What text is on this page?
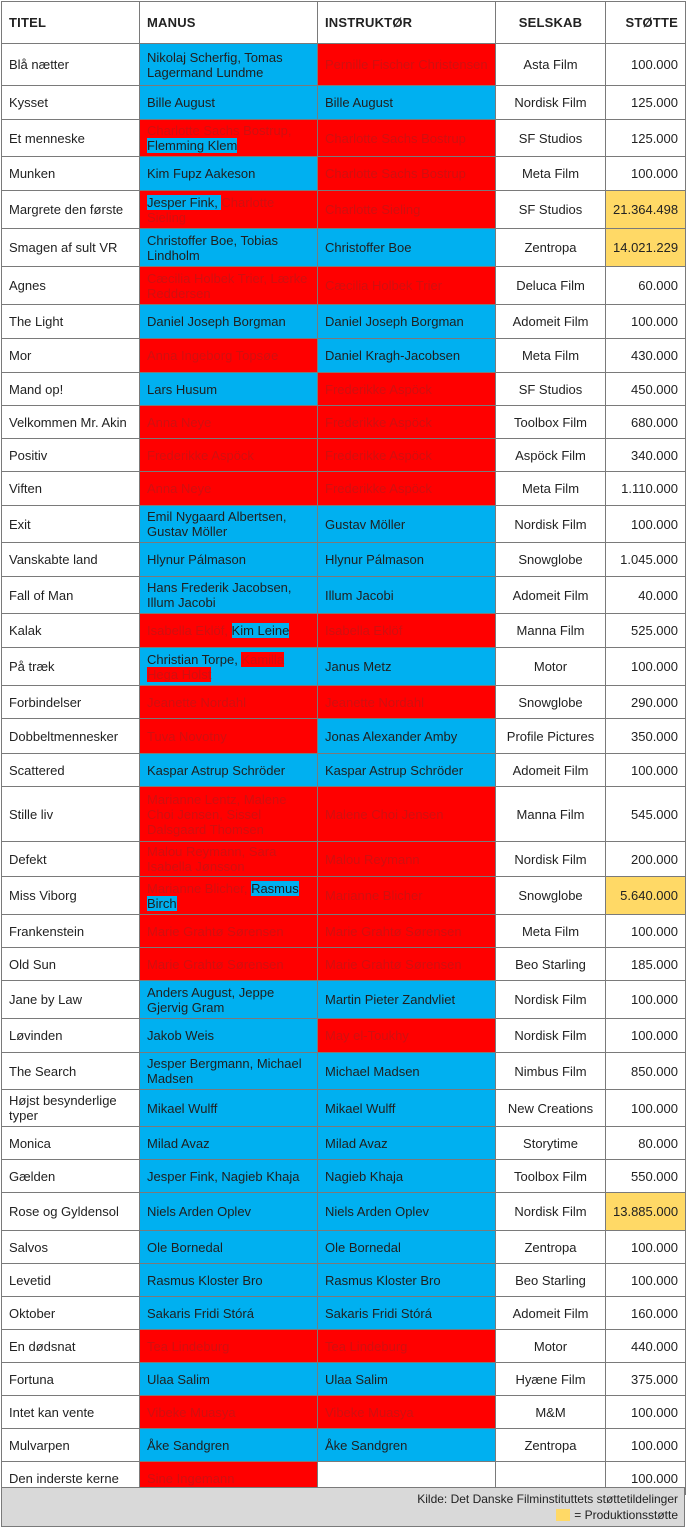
TITEL	MANUS	INSTRUKTØR	SELSKAB	STØTTE
Blå nætter	Nikolaj Scherfig, Tomas Lagermand Lundme	Pernille Fischer Christensen	Asta Film	100.000
Kysset	Bille August	Bille August	Nordisk Film	125.000
Et menneske	Charlotte Sachs Bostrup, Flemming Klem	Charlotte Sachs Bostrup	SF Studios	125.000
Munken	Kim Fupz Aakeson	Charlotte Sachs Bostrup	Meta Film	100.000
Margrete den første	Jesper Fink, Charlotte Sieling	Charlotte Sieling	SF Studios	21.364.498
Smagen af sult VR	Christoffer Boe, Tobias Lindholm	Christoffer Boe	Zentropa	14.021.229
Agnes	Cæcilia Holbek Trier, Lærke Reddersen	Cæcilia Holbek Trier	Deluca Film	60.000
The Light	Daniel Joseph Borgman	Daniel Joseph Borgman	Adomeit Film	100.000
Mor	Anna Ingeborg Topsøe	Daniel Kragh-Jacobsen	Meta Film	430.000
Mand op!	Lars Husum	Frederikke Aspöck	SF Studios	450.000
Velkommen Mr. Akin	Anna Neye	Frederikke Aspöck	Toolbox Film	680.000
Positiv	Frederikke Aspöck	Frederikke Aspöck	Aspöck Film	340.000
Viften	Anna Neye	Frederikke Aspöck	Meta Film	1.110.000
Exit	Emil Nygaard Albertsen, Gustav Möller	Gustav Möller	Nordisk Film	100.000
Vanskabte land	Hlynur Pálmason	Hlynur Pálmason	Snowglobe	1.045.000
Fall of Man	Hans Frederik Jacobsen, Illum Jacobi	Illum Jacobi	Adomeit Film	40.000
Kalak	Isabella Eklöf, Kim Leine	Isabella Eklöf	Manna Film	525.000
På træk	Christian Torpe, Kamilla Hega Holst	Janus Metz	Motor	100.000
Forbindelser	Jeanette Nordahl	Jeanette Nordahl	Snowglobe	290.000
Dobbeltmennesker	Tuva Novotny	Jonas Alexander Amby	Profile Pictures	350.000
Scattered	Kaspar Astrup Schröder	Kaspar Astrup Schröder	Adomeit Film	100.000
Stille liv	Marianne Lentz, Malene Choi Jensen, Sissel Dalsgaard Thomsen	Malene Choi Jensen	Manna Film	545.000
Defekt	Malou Reymann, Sara Isabella Jønsson	Malou Reymann	Nordisk Film	200.000
Miss Viborg	Marianne Blicher, Rasmus Birch	Marianne Blicher	Snowglobe	5.640.000
Frankenstein	Marie Grahtø Sørensen	Marie Grahtø Sørensen	Meta Film	100.000
Old Sun	Marie Grahtø Sørensen	Marie Grahtø Sørensen	Beo Starling	185.000
Jane by Law	Anders August, Jeppe Gjervig Gram	Martin Pieter Zandvliet	Nordisk Film	100.000
Løvinden	Jakob Weis	May el-Toukhy	Nordisk Film	100.000
The Search	Jesper Bergmann, Michael Madsen	Michael Madsen	Nimbus Film	850.000
Højst besynderlige typer	Mikael Wulff	Mikael Wulff	New Creations	100.000
Monica	Milad Avaz	Milad Avaz	Storytime	80.000
Gælden	Jesper Fink, Nagieb Khaja	Nagieb Khaja	Toolbox Film	550.000
Rose og Gyldensol	Niels Arden Oplev	Niels Arden Oplev	Nordisk Film	13.885.000
Salvos	Ole Bornedal	Ole Bornedal	Zentropa	100.000
Levetid	Rasmus Kloster Bro	Rasmus Kloster Bro	Beo Starling	100.000
Oktober	Sakaris Fridi Stórá	Sakaris Fridi Stórá	Adomeit Film	160.000
En dødsnat	Tea Lindeburg	Tea Lindeburg	Motor	440.000
Fortuna	Ulaa Salim	Ulaa Salim	Hyæne Film	375.000
Intet kan vente	Vibeke Muasya	Vibeke Muasya	M&M	100.000
Mulvarpen	Åke Sandgren	Åke Sandgren	Zentropa	100.000
Den inderste kerne	Sine Ingemann			100.000
Kilde: Det Danske Filminstituttets støttetildelinger
= Produktionsstøtte
